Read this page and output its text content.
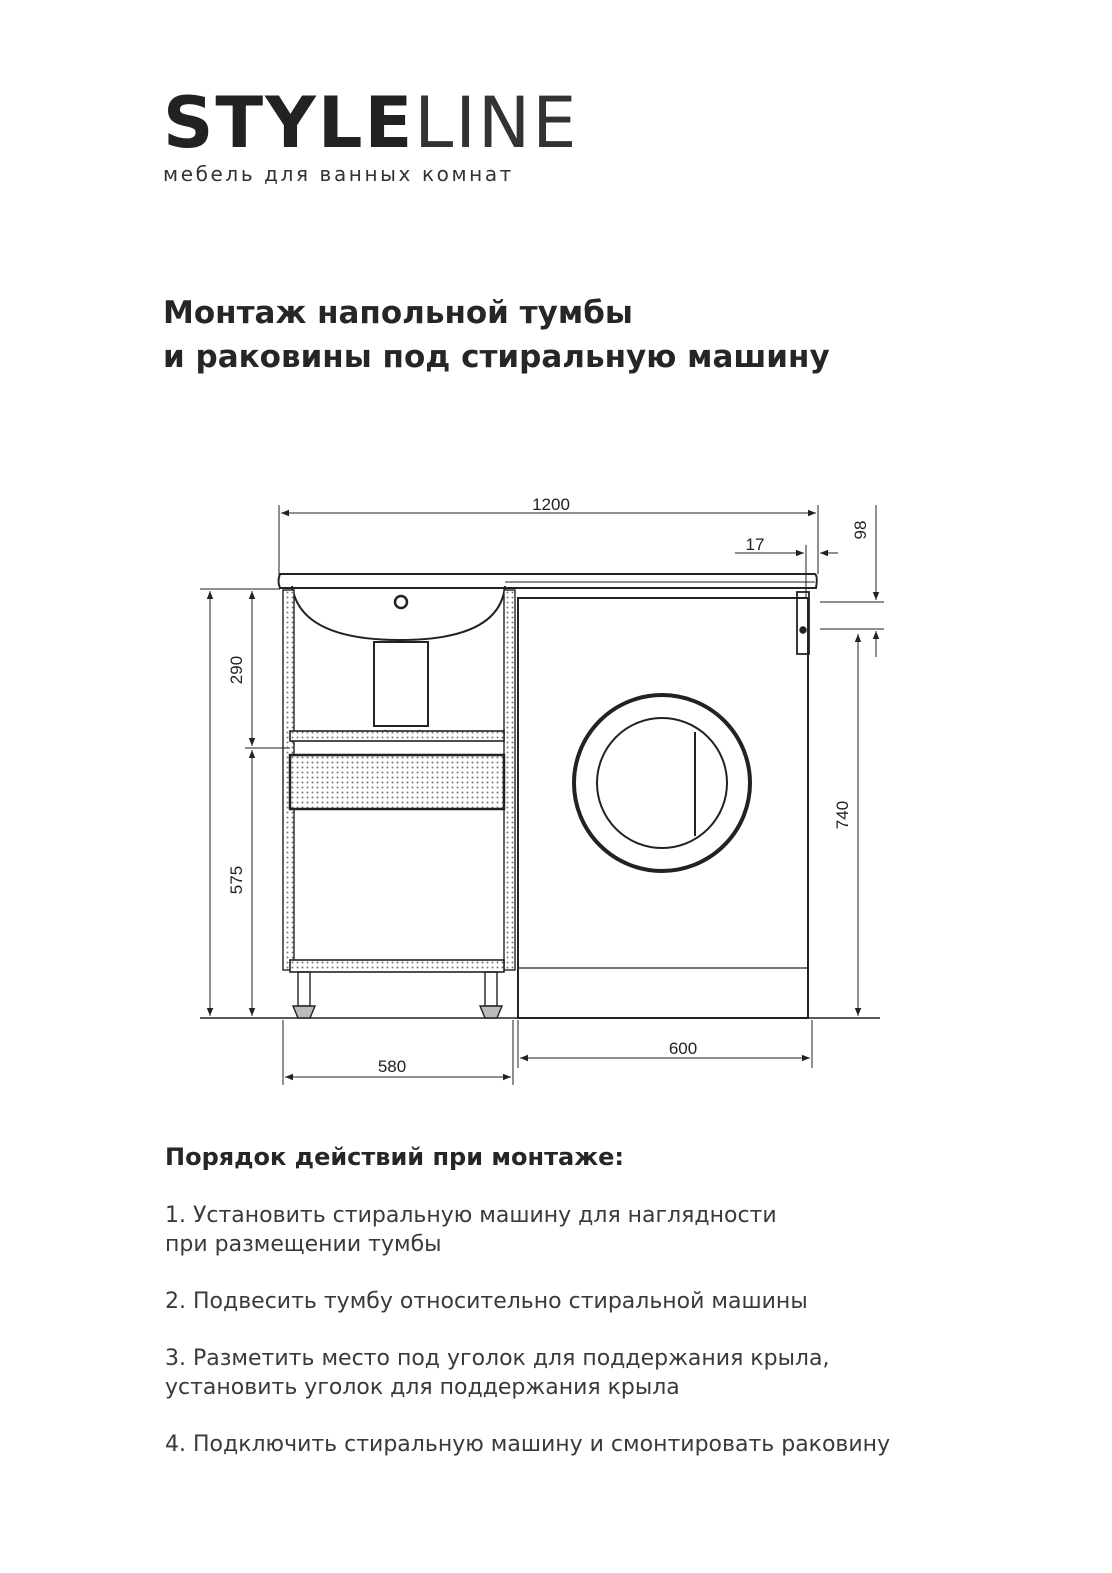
STYLELINE
мебель для ванных комнат
Монтаж напольной тумбы
и раковины под стиральную машину
1200
17
98
290
575
740
580
600
Порядок действий при монтаже:
1. Установить стиральную машину для наглядности
при размещении тумбы
2. Подвесить тумбу относительно стиральной машины
3. Разметить место под уголок для поддержания крыла,
установить уголок для поддержания крыла
4. Подключить стиральную машину и смонтировать раковину
